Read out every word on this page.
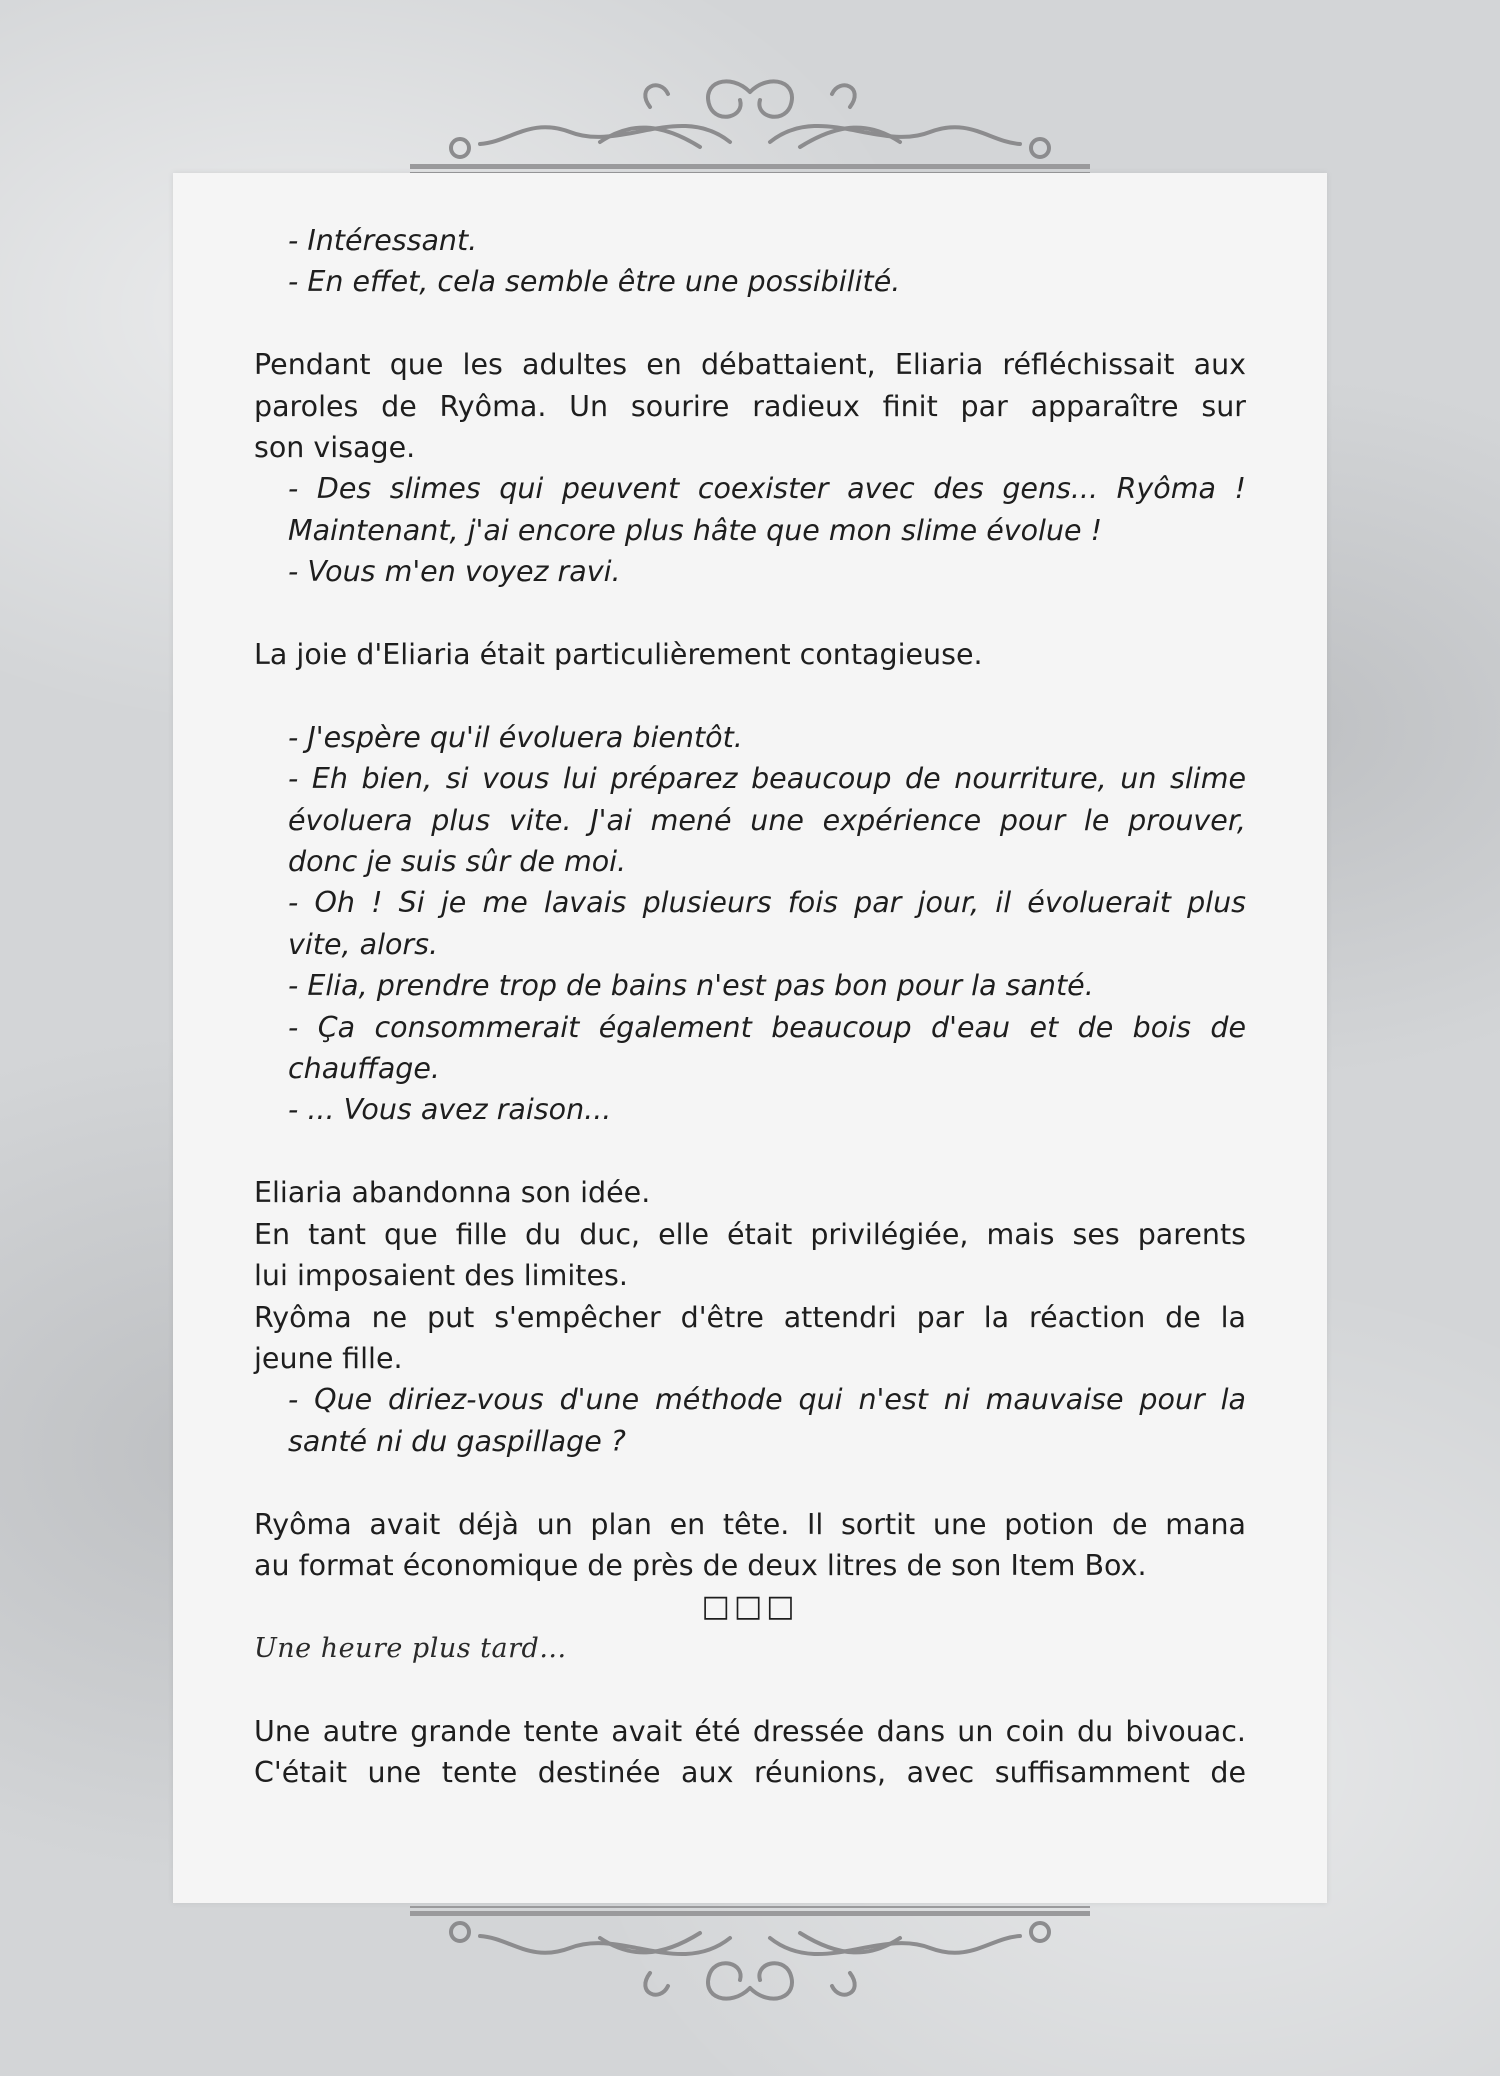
- Intéressant.

- En effet, cela semble être une possibilité.

Pendant que les adultes en débattaient, Eliaria réfléchissait aux

paroles de Ryôma. Un sourire radieux finit par apparaître sur

son visage.

- Des slimes qui peuvent coexister avec des gens... Ryôma !

Maintenant, j'ai encore plus hâte que mon slime évolue !

- Vous m'en voyez ravi.

La joie d'Eliaria était particulièrement contagieuse.

- J'espère qu'il évoluera bientôt.

- Eh bien, si vous lui préparez beaucoup de nourriture, un slime

évoluera plus vite. J'ai mené une expérience pour le prouver,

donc je suis sûr de moi.

- Oh ! Si je me lavais plusieurs fois par jour, il évoluerait plus

vite, alors.

- Elia, prendre trop de bains n'est pas bon pour la santé.

- Ça consommerait également beaucoup d'eau et de bois de

chauffage.

- ... Vous avez raison...

Eliaria abandonna son idée.

En tant que fille du duc, elle était privilégiée, mais ses parents

lui imposaient des limites.

Ryôma ne put s'empêcher d'être attendri par la réaction de la

jeune fille.

- Que diriez-vous d'une méthode qui n'est ni mauvaise pour la

santé ni du gaspillage ?

Ryôma avait déjà un plan en tête. Il sortit une potion de mana

au format économique de près de deux litres de son Item Box.

□□□

Une heure plus tard...

Une autre grande tente avait été dressée dans un coin du bivouac.

C'était une tente destinée aux réunions, avec suffisamment de
